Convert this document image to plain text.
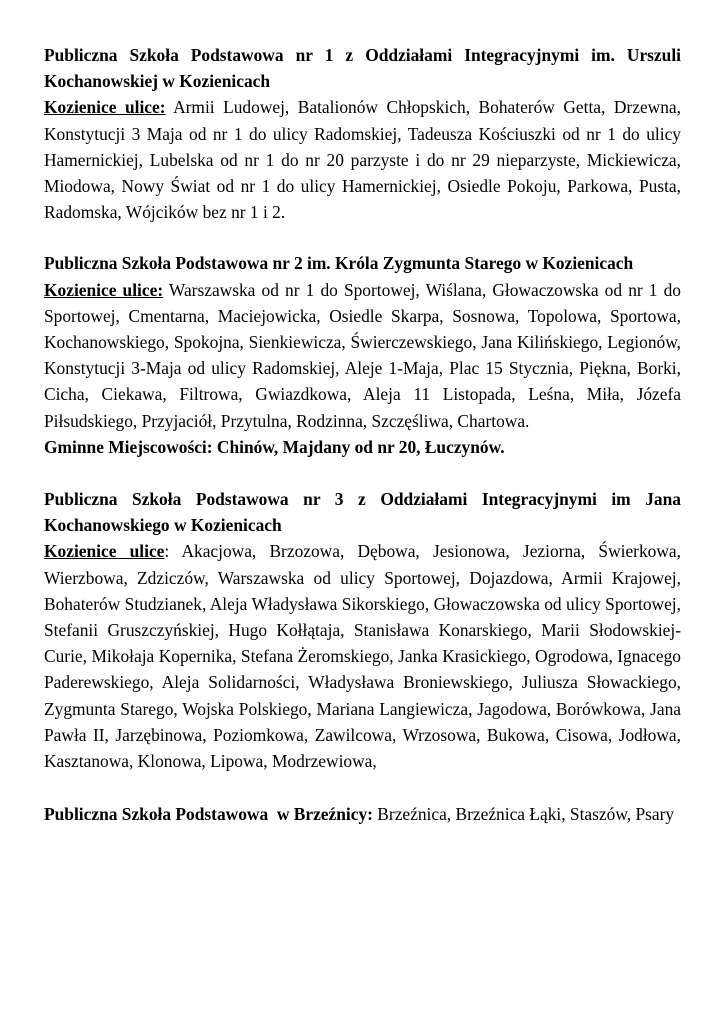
Publiczna Szkoła Podstawowa nr 1 z Oddziałami Integracyjnymi im. Urszuli Kochanowskiej w Kozienicach

Kozienice ulice: Armii Ludowej, Batalionów Chłopskich, Bohaterów Getta, Drzewna, Konstytucji 3 Maja od nr 1 do ulicy Radomskiej, Tadeusza Kościuszki od nr 1 do ulicy Hamernickiej, Lubelska od nr 1 do nr 20 parzyste i do nr 29 nieparzyste, Mickiewicza, Miodowa, Nowy Świat od nr 1 do ulicy Hamernickiej, Osiedle Pokoju, Parkowa, Pusta, Radomska, Wójcików bez nr 1 i 2.

Publiczna Szkoła Podstawowa nr 2 im. Króla Zygmunta Starego w Kozienicach

Kozienice ulice: Warszawska od nr 1 do Sportowej, Wiślana, Głowaczowska od nr 1 do Sportowej, Cmentarna, Maciejowicka, Osiedle Skarpa, Sosnowa, Topolowa, Sportowa, Kochanowskiego, Spokojna, Sienkiewicza, Świerczewskiego, Jana Kilińskiego, Legionów, Konstytucji 3-Maja od ulicy Radomskiej, Aleje 1-Maja, Plac 15 Stycznia, Piękna, Borki, Cicha, Ciekawa, Filtrowa, Gwiazdkowa, Aleja 11 Listopada, Leśna, Miła, Józefa Piłsudskiego, Przyjaciół, Przytulna, Rodzinna, Szczęśliwa, Chartowa.

Gminne Miejscowości: Chinów, Majdany od nr 20, Łuczynów.

Publiczna Szkoła Podstawowa nr 3 z Oddziałami Integracyjnymi im Jana Kochanowskiego w Kozienicach

Kozienice ulice: Akacjowa, Brzozowa, Dębowa, Jesionowa, Jeziorna, Świerkowa, Wierzbowa, Zdziczów, Warszawska od ulicy Sportowej, Dojazdowa, Armii Krajowej, Bohaterów Studzianek, Aleja Władysława Sikorskiego, Głowaczowska od ulicy Sportowej, Stefanii Gruszczyńskiej, Hugo Kołłątaja, Stanisława Konarskiego, Marii Słodowskiej-Curie, Mikołaja Kopernika, Stefana Żeromskiego, Janka Krasickiego, Ogrodowa, Ignacego Paderewskiego, Aleja Solidarności, Władysława Broniewskiego, Juliusza Słowackiego, Zygmunta Starego, Wojska Polskiego, Mariana Langiewicza, Jagodowa, Borówkowa, Jana Pawła II, Jarzębinowa, Poziomkowa, Zawilcowa, Wrzosowa, Bukowa, Cisowa, Jodłowa, Kasztanowa, Klonowa, Lipowa, Modrzewiowa,

Publiczna Szkoła Podstawowa  w Brzeźnicy: Brzeźnica, Brzeźnica Łąki, Staszów, Psary
